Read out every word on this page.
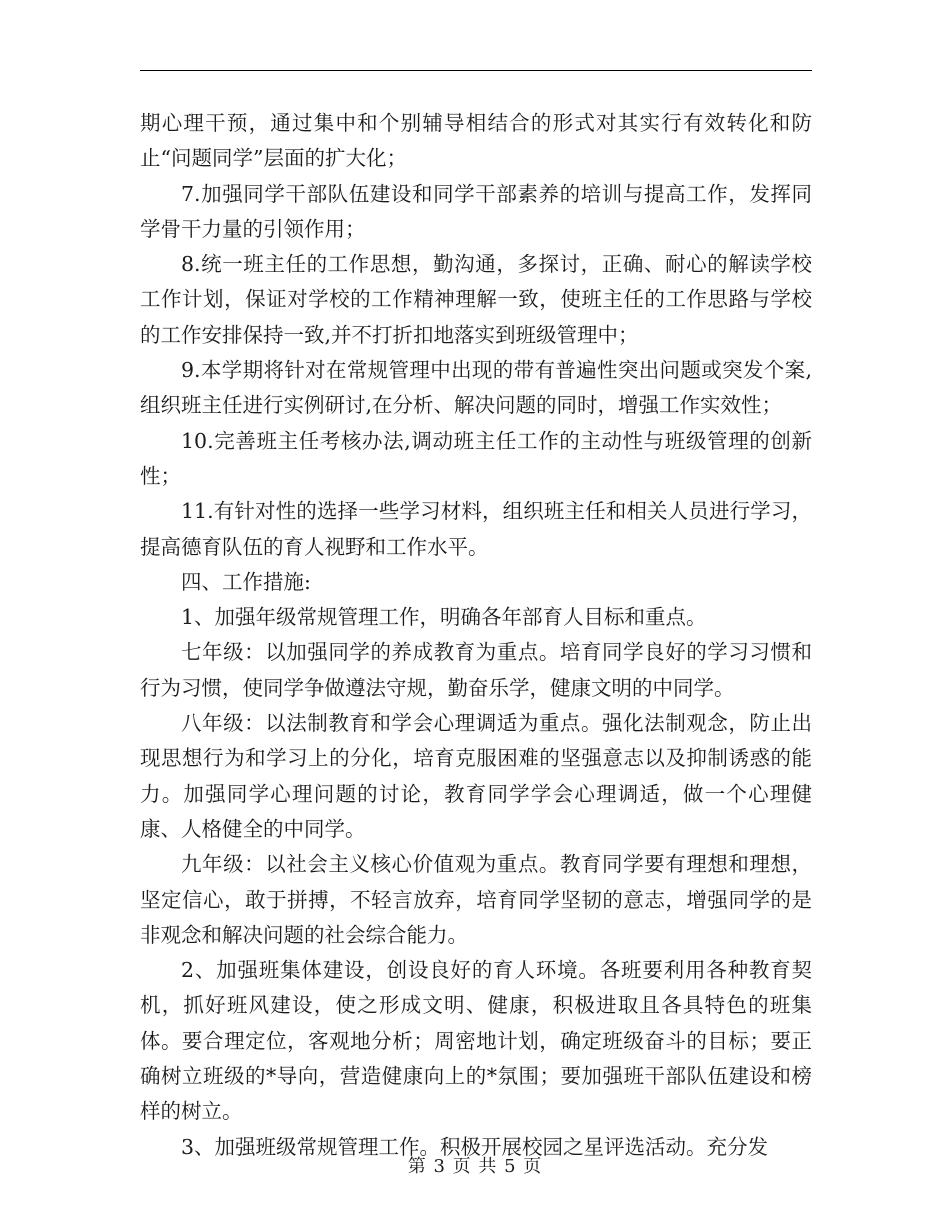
期心理干预，通过集中和个别辅导相结合的形式对其实行有效转化和防止“问题同学”层面的扩大化；

7.加强同学干部队伍建设和同学干部素养的培训与提高工作，发挥同学骨干力量的引领作用；

8.统一班主任的工作思想，勤沟通，多探讨，正确、耐心的解读学校工作计划，保证对学校的工作精神理解一致，使班主任的工作思路与学校的工作安排保持一致,并不打折扣地落实到班级管理中；

9.本学期将针对在常规管理中出现的带有普遍性突出问题或突发个案,组织班主任进行实例研讨,在分析、解决问题的同时，增强工作实效性；

10.完善班主任考核办法,调动班主任工作的主动性与班级管理的创新性；

11.有针对性的选择一些学习材料，组织班主任和相关人员进行学习，提高德育队伍的育人视野和工作水平。

四、工作措施:

1、加强年级常规管理工作，明确各年部育人目标和重点。

七年级：以加强同学的养成教育为重点。培育同学良好的学习习惯和行为习惯，使同学争做遵法守规，勤奋乐学，健康文明的中同学。

八年级：以法制教育和学会心理调适为重点。强化法制观念，防止出现思想行为和学习上的分化，培育克服困难的坚强意志以及抑制诱惑的能力。加强同学心理问题的讨论，教育同学学会心理调适，做一个心理健康、人格健全的中同学。

九年级：以社会主义核心价值观为重点。教育同学要有理想和理想，坚定信心，敢于拼搏，不轻言放弃，培育同学坚韧的意志，增强同学的是非观念和解决问题的社会综合能力。

2、加强班集体建设，创设良好的育人环境。各班要利用各种教育契机，抓好班风建设，使之形成文明、健康，积极进取且各具特色的班集体。要合理定位，客观地分析；周密地计划，确定班级奋斗的目标；要正确树立班级的*导向，营造健康向上的*氛围；要加强班干部队伍建设和榜样的树立。

3、加强班级常规管理工作。积极开展校园之星评选活动。充分发

第 3 页 共 5 页
